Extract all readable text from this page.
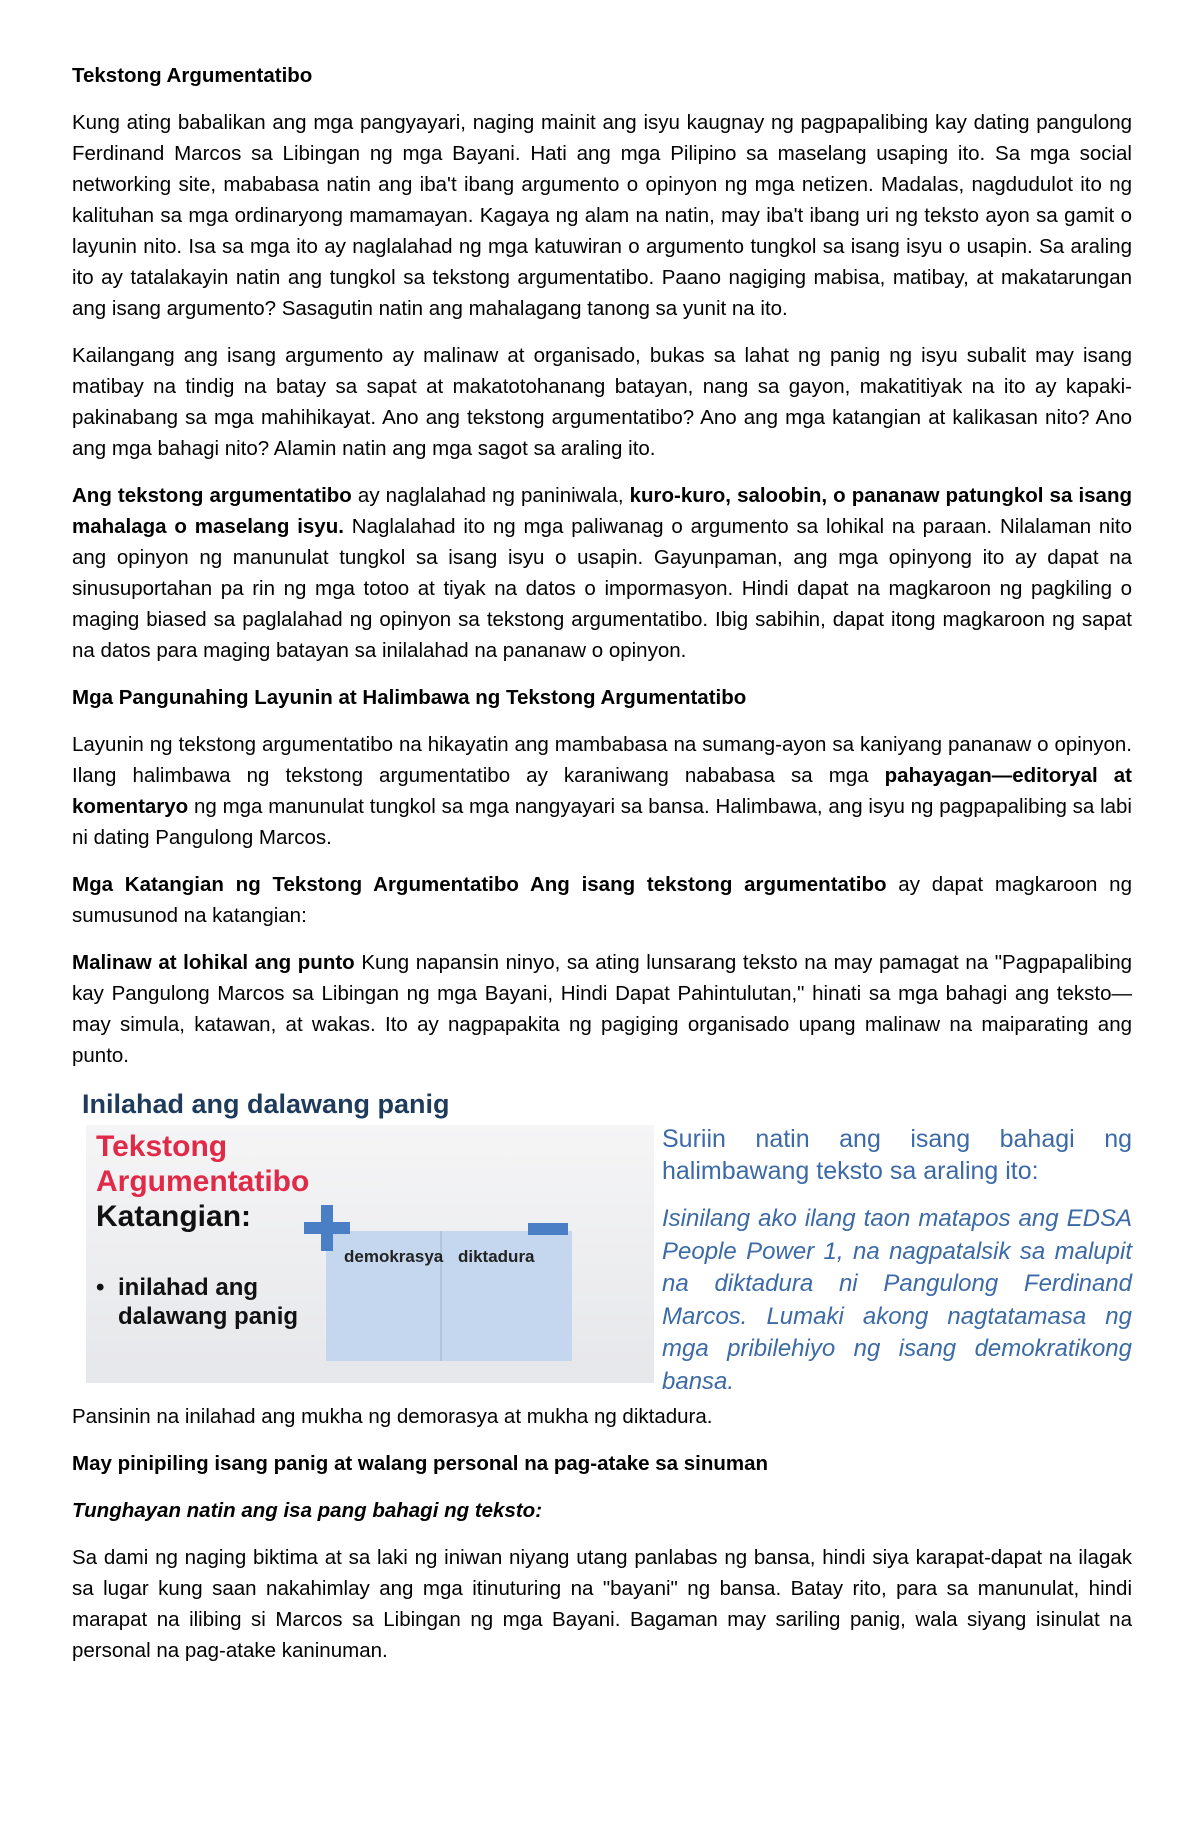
Tekstong Argumentatibo

Kung ating babalikan ang mga pangyayari, naging mainit ang isyu kaugnay ng pagpapalibing kay dating pangulong Ferdinand Marcos sa Libingan ng mga Bayani. Hati ang mga Pilipino sa maselang usaping ito. Sa mga social networking site, mababasa natin ang iba't ibang argumento o opinyon ng mga netizen. Madalas, nagdudulot ito ng kalituhan sa mga ordinaryong mamamayan. Kagaya ng alam na natin, may iba't ibang uri ng teksto ayon sa gamit o layunin nito. Isa sa mga ito ay naglalahad ng mga katuwiran o argumento tungkol sa isang isyu o usapin. Sa araling ito ay tatalakayin natin ang tungkol sa tekstong argumentatibo. Paano nagiging mabisa, matibay, at makatarungan ang isang argumento? Sasagutin natin ang mahalagang tanong sa yunit na ito.

Kailangang ang isang argumento ay malinaw at organisado, bukas sa lahat ng panig ng isyu subalit may isang matibay na tindig na batay sa sapat at makatotohanang batayan, nang sa gayon, makatitiyak na ito ay kapaki-pakinabang sa mga mahihikayat. Ano ang tekstong argumentatibo? Ano ang mga katangian at kalikasan nito? Ano ang mga bahagi nito? Alamin natin ang mga sagot sa araling ito.

Ang tekstong argumentatibo ay naglalahad ng paniniwala, kuro-kuro, saloobin, o pananaw patungkol sa isang mahalaga o maselang isyu. Naglalahad ito ng mga paliwanag o argumento sa lohikal na paraan. Nilalaman nito ang opinyon ng manunulat tungkol sa isang isyu o usapin. Gayunpaman, ang mga opinyong ito ay dapat na sinusuportahan pa rin ng mga totoo at tiyak na datos o impormasyon. Hindi dapat na magkaroon ng pagkiling o maging biased sa paglalahad ng opinyon sa tekstong argumentatibo. Ibig sabihin, dapat itong magkaroon ng sapat na datos para maging batayan sa inilalahad na pananaw o opinyon.

Mga Pangunahing Layunin at Halimbawa ng Tekstong Argumentatibo

Layunin ng tekstong argumentatibo na hikayatin ang mambabasa na sumang-ayon sa kaniyang pananaw o opinyon. Ilang halimbawa ng tekstong argumentatibo ay karaniwang nababasa sa mga pahayagan—editoryal at komentaryo ng mga manunulat tungkol sa mga nangyayari sa bansa. Halimbawa, ang isyu ng pagpapalibing sa labi ni dating Pangulong Marcos.

Mga Katangian ng Tekstong Argumentatibo Ang isang tekstong argumentatibo ay dapat magkaroon ng sumusunod na katangian:

Malinaw at lohikal ang punto Kung napansin ninyo, sa ating lunsarang teksto na may pamagat na "Pagpapalibing kay Pangulong Marcos sa Libingan ng mga Bayani, Hindi Dapat Pahintulutan," hinati sa mga bahagi ang teksto—may simula, katawan, at wakas. Ito ay nagpapakita ng pagiging organisado upang malinaw na maiparating ang punto.

Inilahad ang dalawang panig
Tekstong Argumentatibo
Katangian:
• inilahad ang dalawang panig
demokrasya diktadura

Suriin natin ang isang bahagi ng halimbawang teksto sa araling ito:

Isinilang ako ilang taon matapos ang EDSA People Power 1, na nagpatalsik sa malupit na diktadura ni Pangulong Ferdinand Marcos. Lumaki akong nagtatamasa ng mga pribilehiyo ng isang demokratikong bansa.

Pansinin na inilahad ang mukha ng demorasya at mukha ng diktadura.

May pinipiling isang panig at walang personal na pag-atake sa sinuman

Tunghayan natin ang isa pang bahagi ng teksto:

Sa dami ng naging biktima at sa laki ng iniwan niyang utang panlabas ng bansa, hindi siya karapat-dapat na ilagak sa lugar kung saan nakahimlay ang mga itinuturing na "bayani" ng bansa. Batay rito, para sa manunulat, hindi marapat na ilibing si Marcos sa Libingan ng mga Bayani. Bagaman may sariling panig, wala siyang isinulat na personal na pag-atake kaninuman.
